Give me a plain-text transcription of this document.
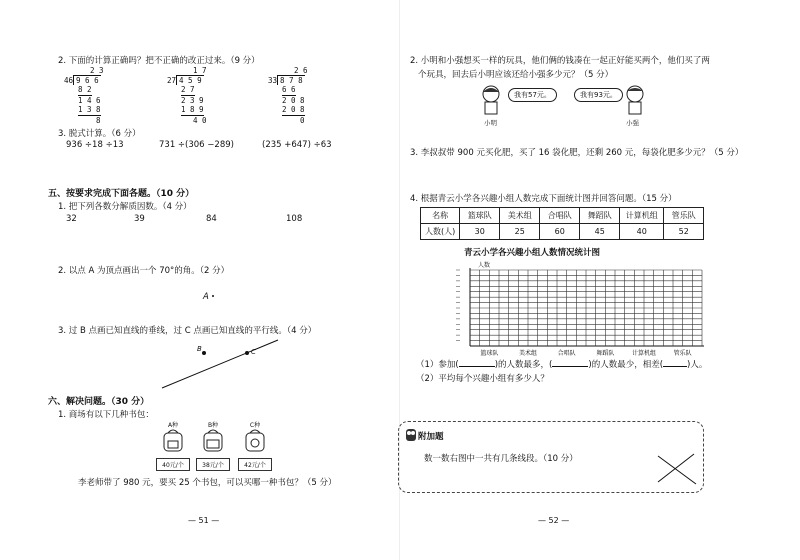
2. 下面的计算正确吗？把不正确的改正过来。（9 分）
2 3
46 9 6 6
8 2
1 4 6
1 3 8
8
1 7
27 4 5 9
2 7
2 3 9
1 8 9
4 0
2 6
33 8 7 8
6 6
2 0 8
2 0 8
0
3. 脱式计算。（6 分）
936 ÷18 ÷13	731 ÷(306 −289)	(235 +647) ÷63
五、按要求完成下面各题。（10 分）
1. 把下列各数分解质因数。（4 分）
32	39	84	108
2. 以点 A 为顶点画出一个 70°的角。（2 分）
A
3. 过 B 点画已知直线的垂线，过 C 点画已知直线的平行线。（4 分）
B	C
六、解决问题。（30 分）
1. 商场有以下几种书包：
A种
40元/个
B种
38元/个
C种
42元/个
李老师带了 980 元，要买 25 个书包，可以买哪一种书包？（5 分）
— 51 —
2. 小明和小强想买一样的玩具，他们俩的钱凑在一起正好能买两个，他们买了两
个玩具，回去后小明应该还给小强多少元？（5 分）
我有57元。
小明
我有93元。
小强
3. 李叔叔带 900 元买化肥，买了 16 袋化肥，还剩 260 元，每袋化肥多少元？（5 分）
4. 根据青云小学各兴趣小组人数完成下面统计图并回答问题。（15 分）
名称	篮球队	美术组	合唱队	舞蹈队	计算机组	管乐队
人数(人)	30	25	60	45	40	52
青云小学各兴趣小组人数情况统计图
人数
篮球队	美术组	合唱队	舞蹈队	计算机组	管乐队
（1）参加(	)的人数最多，(	)的人数最少，相差(	)人。
（2）平均每个兴趣小组有多少人？
附加题
数一数右图中一共有几条线段。（10 分）
— 52 —
